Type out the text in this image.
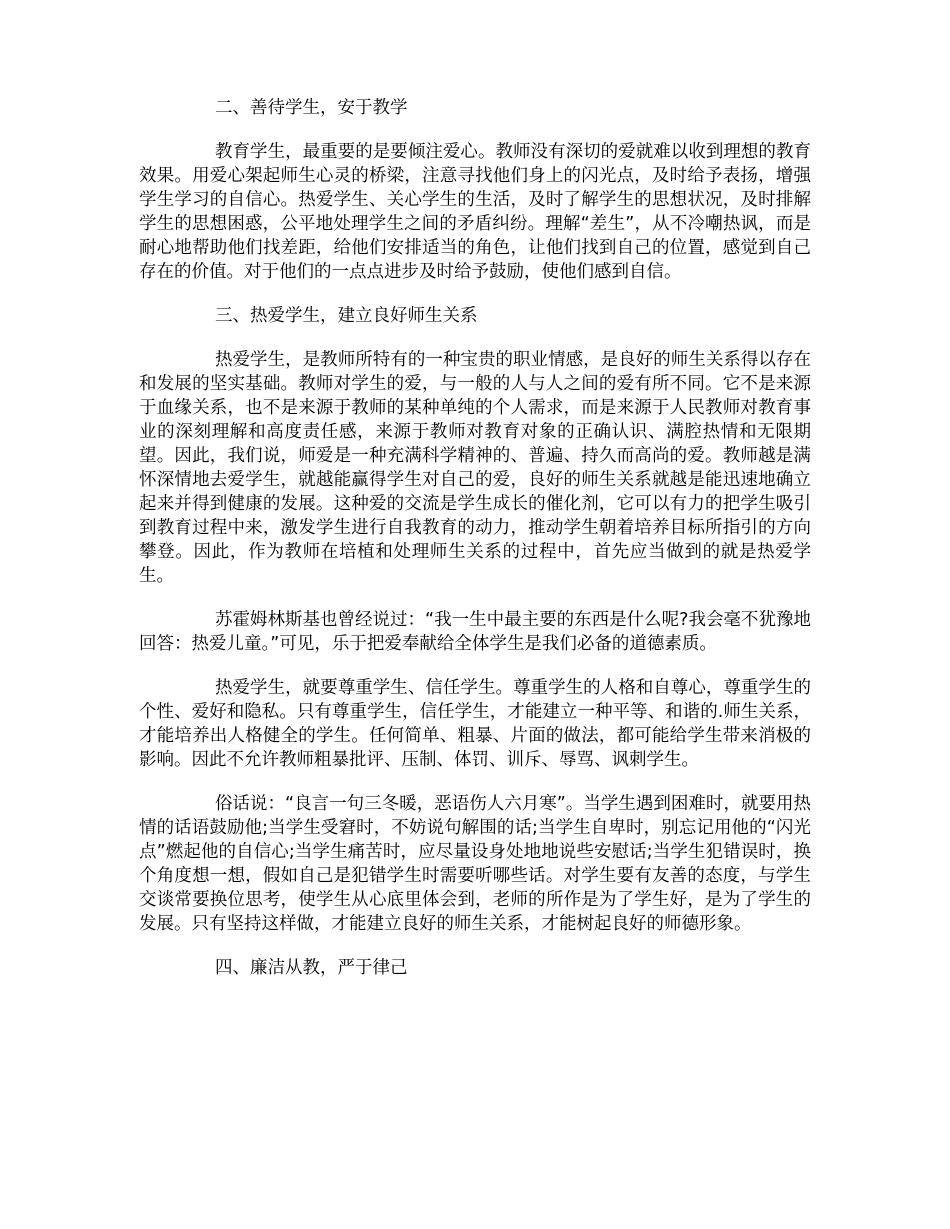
二、善待学生，安于教学

教育学生，最重要的是要倾注爱心。教师没有深切的爱就难以收到理想的教育效果。用爱心架起师生心灵的桥梁，注意寻找他们身上的闪光点，及时给予表扬，增强学生学习的自信心。热爱学生、关心学生的生活，及时了解学生的思想状况，及时排解学生的思想困惑，公平地处理学生之间的矛盾纠纷。理解“差生”，从不冷嘲热讽，而是耐心地帮助他们找差距，给他们安排适当的角色，让他们找到自己的位置，感觉到自己存在的价值。对于他们的一点点进步及时给予鼓励，使他们感到自信。

三、热爱学生，建立良好师生关系

热爱学生，是教师所特有的一种宝贵的职业情感，是良好的师生关系得以存在和发展的坚实基础。教师对学生的爱，与一般的人与人之间的爱有所不同。它不是来源于血缘关系，也不是来源于教师的某种单纯的个人需求，而是来源于人民教师对教育事业的深刻理解和高度责任感，来源于教师对教育对象的正确认识、满腔热情和无限期望。因此，我们说，师爱是一种充满科学精神的、普遍、持久而高尚的爱。教师越是满怀深情地去爱学生，就越能赢得学生对自己的爱，良好的师生关系就越是能迅速地确立起来并得到健康的发展。这种爱的交流是学生成长的催化剂，它可以有力的把学生吸引到教育过程中来，激发学生进行自我教育的动力，推动学生朝着培养目标所指引的方向攀登。因此，作为教师在培植和处理师生关系的过程中，首先应当做到的就是热爱学生。

苏霍姆林斯基也曾经说过：“我一生中最主要的东西是什么呢?我会毫不犹豫地回答：热爱儿童。”可见，乐于把爱奉献给全体学生是我们必备的道德素质。

热爱学生，就要尊重学生、信任学生。尊重学生的人格和自尊心，尊重学生的个性、爱好和隐私。只有尊重学生，信任学生，才能建立一种平等、和谐的.师生关系，才能培养出人格健全的学生。任何简单、粗暴、片面的做法，都可能给学生带来消极的影响。因此不允许教师粗暴批评、压制、体罚、训斥、辱骂、讽刺学生。

俗话说：“良言一句三冬暖，恶语伤人六月寒”。当学生遇到困难时，就要用热情的话语鼓励他;当学生受窘时，不妨说句解围的话;当学生自卑时，别忘记用他的“闪光点”燃起他的自信心;当学生痛苦时，应尽量设身处地地说些安慰话;当学生犯错误时，换个角度想一想，假如自己是犯错学生时需要听哪些话。对学生要有友善的态度，与学生交谈常要换位思考，使学生从心底里体会到，老师的所作是为了学生好，是为了学生的发展。只有坚持这样做，才能建立良好的师生关系，才能树起良好的师德形象。

四、廉洁从教，严于律己
